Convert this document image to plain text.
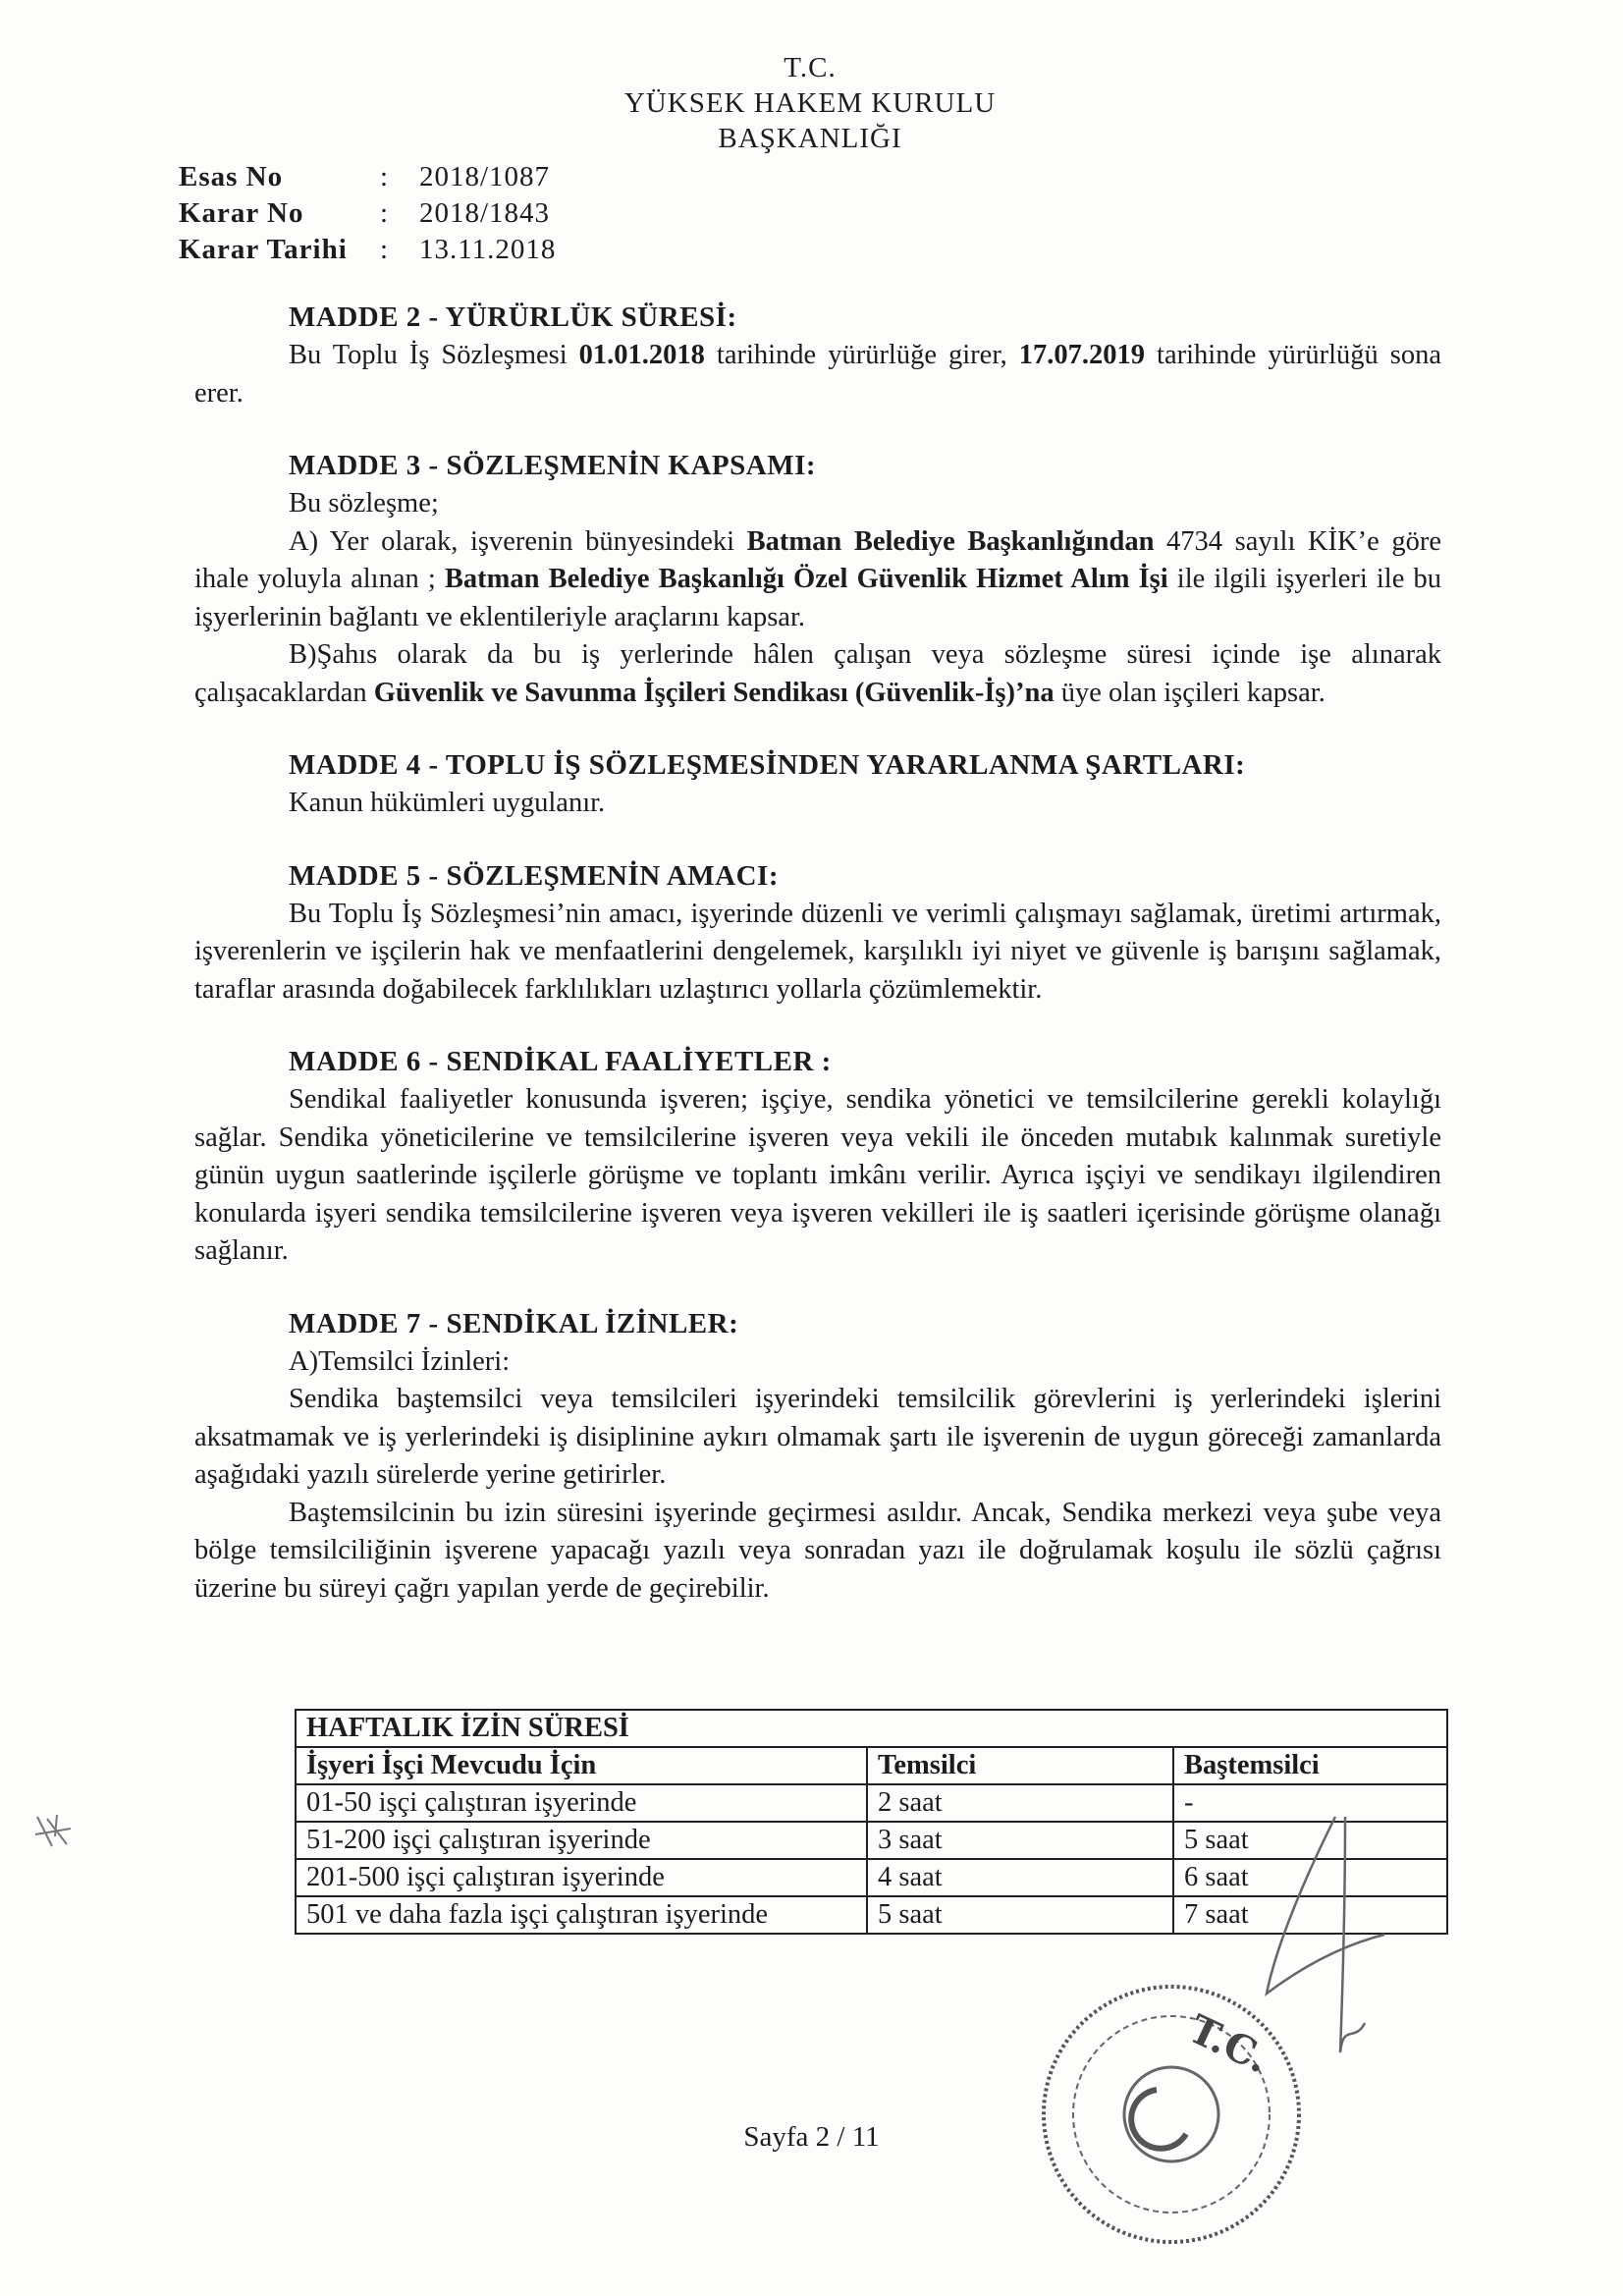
T.C.
YÜKSEK HAKEM KURULU
BAŞKANLIĞI
Esas No	:	2018/1087
Karar No	:	2018/1843
Karar Tarihi	:	13.11.2018
MADDE 2 - YÜRÜRLÜK SÜRESİ:

Bu Toplu İş Sözleşmesi 01.01.2018 tarihinde yürürlüğe girer, 17.07.2019 tarihinde yürürlüğü sona erer.

MADDE 3 - SÖZLEŞMENİN KAPSAMI:

Bu sözleşme;

A) Yer olarak, işverenin bünyesindeki Batman Belediye Başkanlığından 4734 sayılı KİK’e göre ihale yoluyla alınan ; Batman Belediye Başkanlığı Özel Güvenlik Hizmet Alım İşi ile ilgili işyerleri ile bu işyerlerinin bağlantı ve eklentileriyle araçlarını kapsar.

B)Şahıs olarak da bu iş yerlerinde hâlen çalışan veya sözleşme süresi içinde işe alınarak çalışacaklardan Güvenlik ve Savunma İşçileri Sendikası (Güvenlik-İş)’na üye olan işçileri kapsar.

MADDE 4 - TOPLU İŞ SÖZLEŞMESİNDEN YARARLANMA ŞARTLARI:

Kanun hükümleri uygulanır.

MADDE 5 - SÖZLEŞMENİN AMACI:

Bu Toplu İş Sözleşmesi’nin amacı, işyerinde düzenli ve verimli çalışmayı sağlamak, üretimi artırmak, işverenlerin ve işçilerin hak ve menfaatlerini dengelemek, karşılıklı iyi niyet ve güvenle iş barışını sağlamak, taraflar arasında doğabilecek farklılıkları uzlaştırıcı yollarla çözümlemektir.

MADDE 6 - SENDİKAL FAALİYETLER :

Sendikal faaliyetler konusunda işveren; işçiye, sendika yönetici ve temsilcilerine gerekli kolaylığı sağlar. Sendika yöneticilerine ve temsilcilerine işveren veya vekili ile önceden mutabık kalınmak suretiyle günün uygun saatlerinde işçilerle görüşme ve toplantı imkânı verilir. Ayrıca işçiyi ve sendikayı ilgilendiren konularda işyeri sendika temsilcilerine işveren veya işveren vekilleri ile iş saatleri içerisinde görüşme olanağı sağlanır.

MADDE 7 - SENDİKAL İZİNLER:

A)Temsilci İzinleri:

Sendika baştemsilci veya temsilcileri işyerindeki temsilcilik görevlerini iş yerlerindeki işlerini aksatmamak ve iş yerlerindeki iş disiplinine aykırı olmamak şartı ile işverenin de uygun göreceği zamanlarda aşağıdaki yazılı sürelerde yerine getirirler.

Baştemsilcinin bu izin süresini işyerinde geçirmesi asıldır. Ancak, Sendika merkezi veya şube veya bölge temsilciliğinin işverene yapacağı yazılı veya sonradan yazı ile doğrulamak koşulu ile sözlü çağrısı üzerine bu süreyi çağrı yapılan yerde de geçirebilir.

HAFTALIK İZİN SÜRESİ		
İşyeri İşçi Mevcudu İçin	Temsilci	Baştemsilci
01-50 işçi çalıştıran işyerinde	2 saat	-
51-200 işçi çalıştıran işyerinde	3 saat	5 saat
201-500 işçi çalıştıran işyerinde	4 saat	6 saat
501 ve daha fazla işçi çalıştıran işyerinde	5 saat	7 saat
T.C.
Sayfa 2 / 11
